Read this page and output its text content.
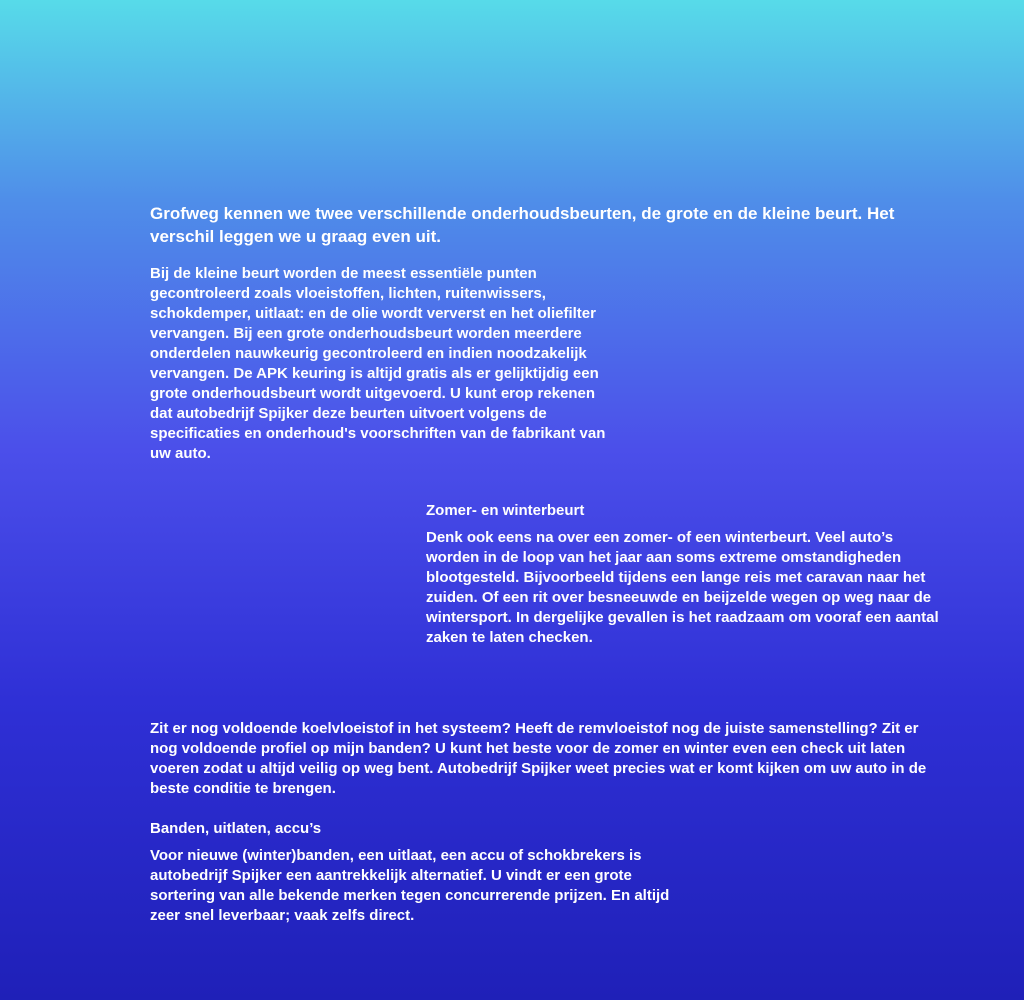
Grofweg kennen we twee verschillende onderhoudsbeurten, de grote en de kleine beurt. Het verschil leggen we u graag even uit.

Bij de kleine beurt worden de meest essentiële punten gecontroleerd zoals vloeistoffen, lichten, ruitenwissers, schokdemper, uitlaat: en de olie wordt ververst en het oliefilter vervangen. Bij een grote onderhoudsbeurt worden meerdere onderdelen nauwkeurig gecontroleerd en indien noodzakelijk vervangen. De APK keuring is altijd gratis als er gelijktijdig een grote onderhoudsbeurt wordt uitgevoerd. U kunt erop rekenen dat autobedrijf Spijker deze beurten uitvoert volgens de specificaties en onderhoud's voorschriften van de fabrikant van uw auto.

Zomer- en winterbeurt

Denk ook eens na over een zomer- of een winterbeurt. Veel auto’s worden in de loop van het jaar aan soms extreme omstandigheden blootgesteld. Bijvoorbeeld tijdens een lange reis met caravan naar het zuiden. Of een rit over besneeuwde en beijzelde wegen op weg naar de wintersport. In dergelijke gevallen is het raadzaam om vooraf een aantal zaken te laten checken.

Zit er nog voldoende koelvloeistof in het systeem? Heeft de remvloeistof nog de juiste samenstelling? Zit er nog voldoende profiel op mijn banden? U kunt het beste voor de zomer en winter even een check uit laten voeren zodat u altijd veilig op weg bent. Autobedrijf Spijker weet precies wat er komt kijken om uw auto in de beste conditie te brengen.

Banden, uitlaten, accu’s

Voor nieuwe (winter)banden, een uitlaat, een accu of schokbrekers is autobedrijf Spijker een aantrekkelijk alternatief. U vindt er een grote sortering van alle bekende merken tegen concurrerende prijzen. En altijd zeer snel leverbaar; vaak zelfs direct.
